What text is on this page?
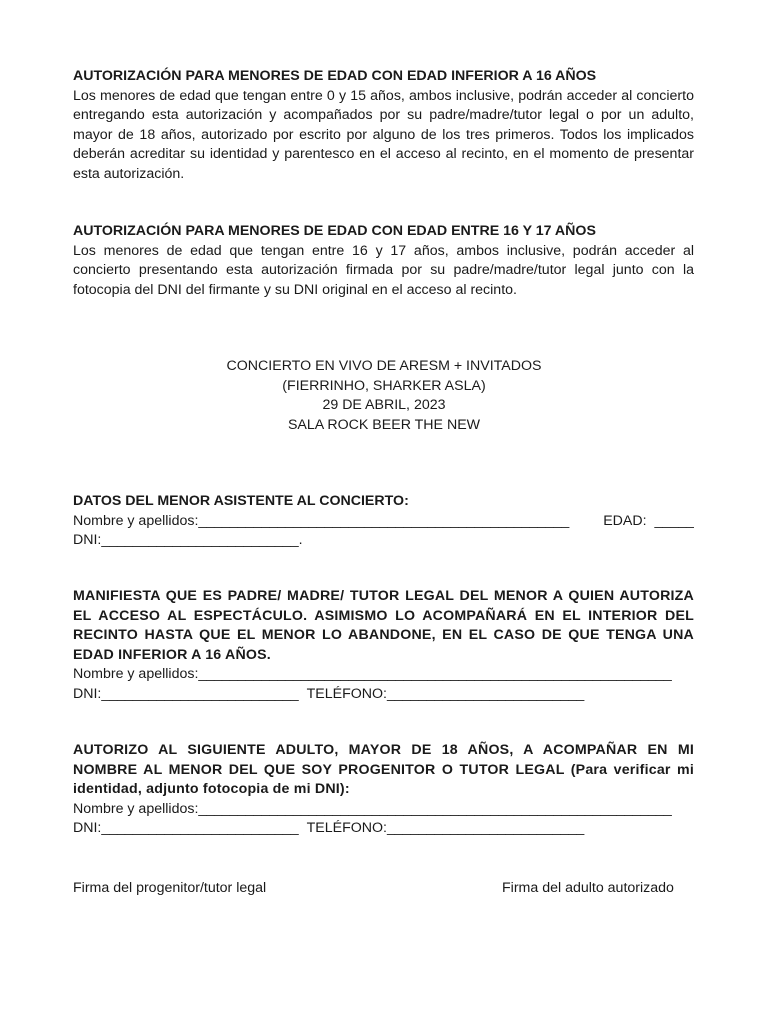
AUTORIZACIÓN PARA MENORES DE EDAD CON EDAD INFERIOR A 16 AÑOS
Los menores de edad que tengan entre 0 y 15 años, ambos inclusive, podrán acceder al concierto entregando esta autorización y acompañados por su padre/madre/tutor legal o por un adulto, mayor de 18 años, autorizado por escrito por alguno de los tres primeros. Todos los implicados deberán acreditar su identidad y parentesco en el acceso al recinto, en el momento de presentar esta autorización.
AUTORIZACIÓN PARA MENORES DE EDAD CON EDAD ENTRE 16 Y 17 AÑOS
Los menores de edad que tengan entre 16 y 17 años, ambos inclusive, podrán acceder al concierto presentando esta autorización firmada por su padre/madre/tutor legal junto con la fotocopia del DNI del firmante y su DNI original en el acceso al recinto.
CONCIERTO EN VIVO DE ARESM + INVITADOS
(FIERRINHO, SHARKER ASLA)
29 DE ABRIL, 2023
SALA ROCK BEER THE NEW
DATOS DEL MENOR ASISTENTE AL CONCIERTO:
Nombre y apellidos: _______________________________________________	EDAD: _____
DNI:_________________________.
MANIFIESTA QUE ES PADRE/ MADRE/ TUTOR LEGAL DEL MENOR A QUIEN AUTORIZA EL ACCESO AL ESPECTÁCULO. ASIMISMO LO ACOMPAÑARÁ EN EL INTERIOR DEL RECINTO HASTA QUE EL MENOR LO ABANDONE, EN EL CASO DE QUE TENGA UNA EDAD INFERIOR A 16 AÑOS.
Nombre y apellidos: ____________________________________________________________
DNI:_________________________ TELÉFONO:_________________________
AUTORIZO AL SIGUIENTE ADULTO, MAYOR DE 18 AÑOS, A ACOMPAÑAR EN MI NOMBRE AL MENOR DEL QUE SOY PROGENITOR O TUTOR LEGAL (Para verificar mi identidad, adjunto fotocopia de mi DNI):
Nombre y apellidos: ____________________________________________________________
DNI:_________________________ TELÉFONO:_________________________
Firma del progenitor/tutor legal	Firma del adulto autorizado
